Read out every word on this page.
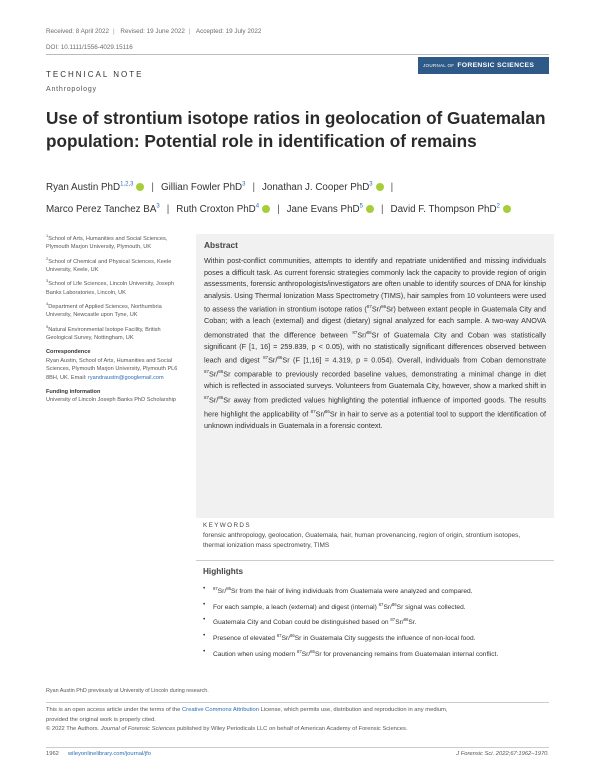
Received: 8 April 2022 | Revised: 19 June 2022 | Accepted: 19 July 2022
DOI: 10.1111/1556-4029.15116
TECHNICAL NOTE
Anthropology
JOURNAL OF FORENSIC SCIENCES
Use of strontium isotope ratios in geolocation of Guatemalan population: Potential role in identification of remains
Ryan Austin PhD$^{1,2,3}$ | Gillian Fowler PhD$^3$ | Jonathan J. Cooper PhD$^3$ |
Marco Perez Tanchez $BA^3$ | Ruth Croxton PhD$^4$ | Jane Evans PhD$^5$ | David F. Thompson PhD$^2$
$^1$School of Arts, Humanities and Social Sciences, Plymouth Marjon University, Plymouth, UK
$^2$School of Chemical and Physical Sciences, Keele University, Keele, UK
$^3$School of Life Sciences, Lincoln University, Joseph Banks Laboratories, Lincoln, UK
$^4$Department of Applied Sciences, Northumbria University, Newcastle upon Tyne, UK
$^5$Natural Environmental Isotope Facility, British Geological Survey, Nottingham, UK
Correspondence
Ryan Austin, School of Arts, Humanities and Social Sciences, Plymouth Marjon University, Plymouth PL6 8BH, UK. Email: ryandraustin@googlemail.com
Funding information
University of Lincoln Joseph Banks PhD Scholarship
Abstract
Within post-conflict communities, attempts to identify and repatriate unidentified and missing individuals poses a difficult task. As current forensic strategies commonly lack the capacity to provide region of origin assessments, forensic anthropologists/investigators are often unable to identify sources of DNA for kinship analysis. Using Thermal Ionization Mass Spectrometry (TIMS), hair samples from 10 volunteers were used to assess the variation in strontium isotope ratios ($^{87}$Sr/$^{86}$Sr) between extant people in Guatemala City and Coban; with a leach (external) and digest (dietary) signal analyzed for each sample. A two-way ANOVA demonstrated that the difference between $^{87}$Sr/$^{86}$Sr of Guatemala City and Coban was statistically significant (F [1, 16] = 259.839, p < 0.05), with no statistically significant differences observed between leach and digest $^{87}$Sr/$^{86}$Sr (F [1,16] = 4.319, p = 0.054). Overall, individuals from Coban demonstrate $^{87}$Sr/$^{86}$Sr comparable to previously recorded baseline values, demonstrating a minimal change in diet which is reflected in associated surveys. Volunteers from Guatemala City, however, show a marked shift in $^{87}$Sr/$^{86}$Sr away from predicted values highlighting the potential influence of imported goods. The results here highlight the applicability of $^{87}$Sr/$^{86}$Sr in hair to serve as a potential tool to support the identification of unknown individuals in Guatemala in a forensic context.
KEYWORDS
forensic anthropology, geolocation, Guatemala, hair, human provenancing, region of origin, strontium isotopes, thermal ionization mass spectrometry, TIMS
Highlights
• $^{87}$Sr/$^{86}$Sr from the hair of living individuals from Guatemala were analyzed and compared.
• For each sample, a leach (external) and digest (internal) $^{87}$Sr/$^{86}$Sr signal was collected.
• Guatemala City and Coban could be distinguished based on $^{87}$Sr/$^{86}$Sr.
• Presence of elevated $^{87}$Sr/$^{86}$Sr in Guatemala City suggests the influence of non-local food.
• Caution when using modern $^{87}$Sr/$^{86}$Sr for provenancing remains from Guatemalan internal conflict.
Ryan Austin PhD previously at University of Lincoln during research.
This is an open access article under the terms of the Creative Commons Attribution License, which permits use, distribution and reproduction in any medium,
provided the original work is properly cited.
© 2022 The Authors. Journal of Forensic Sciences published by Wiley Periodicals LLC on behalf of American Academy of Forensic Sciences.
1962 wileyonlinelibrary.com/journal/jfo	J Forensic Sci. 2022;67:1962–1970.
